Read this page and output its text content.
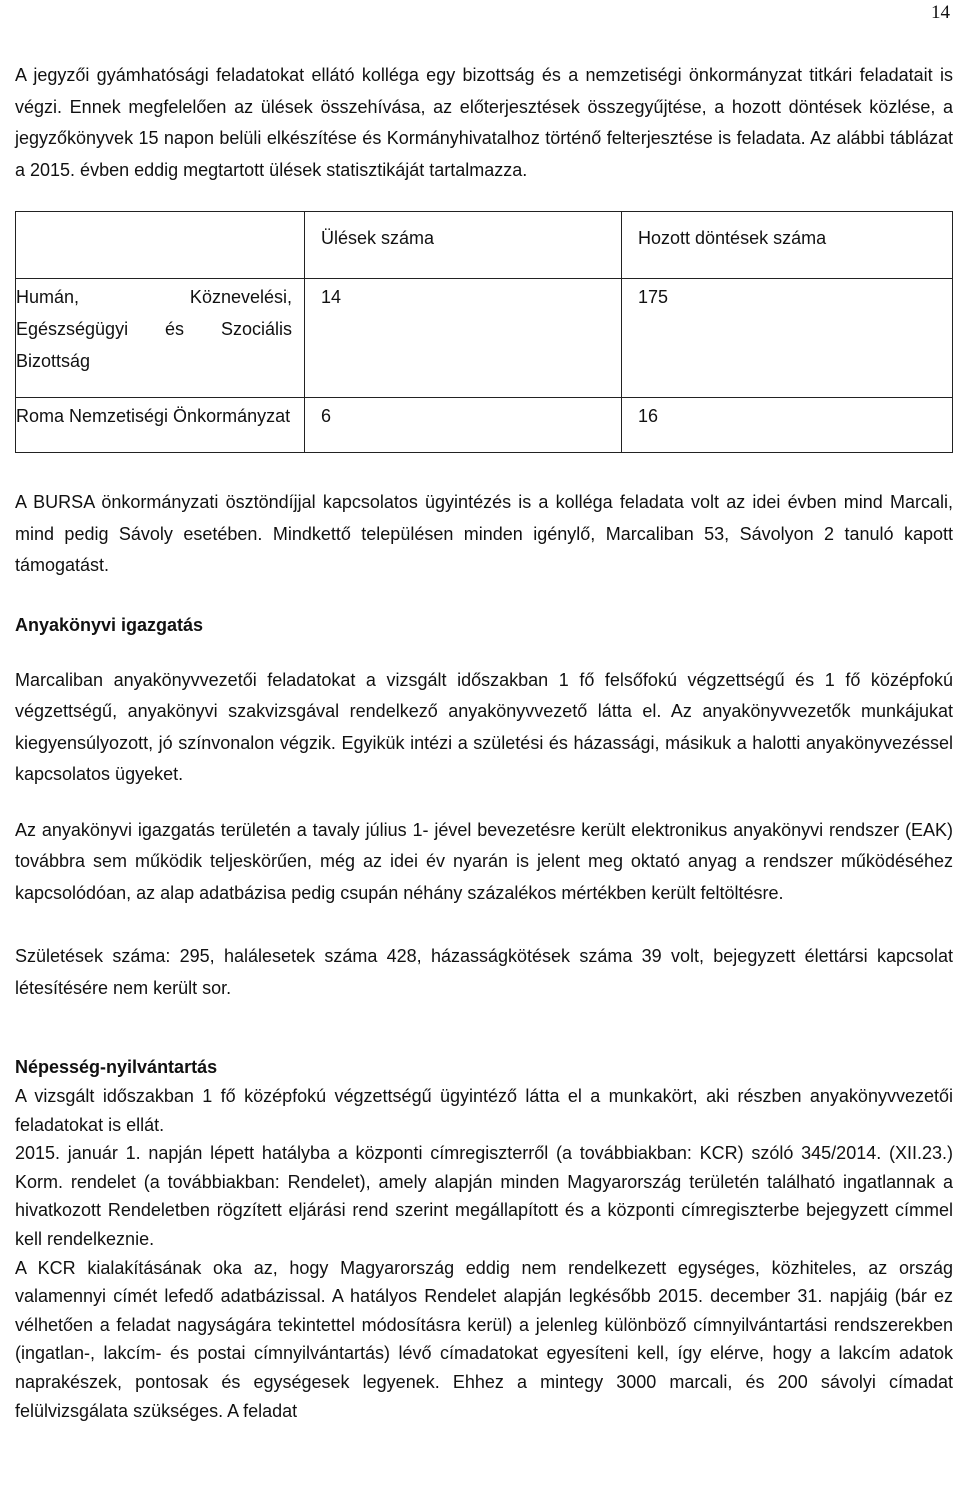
14

A jegyzői gyámhatósági feladatokat ellátó kolléga egy bizottság és a nemzetiségi önkormányzat titkári feladatait is végzi. Ennek megfelelően az ülések összehívása, az előterjesztések összegyűjtése, a hozott döntések közlése, a jegyzőkönyvek 15 napon belüli elkészítése és Kormányhivatalhoz történő felterjesztése is feladata. Az alábbi táblázat a 2015. évben eddig megtartott ülések statisztikáját tartalmazza.

	Ülések száma	Hozott döntések száma
Humán, Köznevelési, Egészségügyi és Szociális Bizottság	14	175
Roma Nemzetiségi Önkormányzat	6	16

A BURSA önkormányzati ösztöndíjjal kapcsolatos ügyintézés is a kolléga feladata volt az idei évben mind Marcali, mind pedig Sávoly esetében. Mindkettő településen minden igénylő, Marcaliban 53, Sávolyon 2 tanuló kapott támogatást.

Anyakönyvi igazgatás

Marcaliban anyakönyvvezetői feladatokat a vizsgált időszakban 1 fő felsőfokú végzettségű és 1 fő középfokú végzettségű, anyakönyvi szakvizsgával rendelkező anyakönyvvezető látta el. Az anyakönyvvezetők munkájukat kiegyensúlyozott, jó színvonalon végzik. Egyikük intézi a születési és házassági, másikuk a halotti anyakönyvezéssel kapcsolatos ügyeket.

Az anyakönyvi igazgatás területén a tavaly július 1- jével bevezetésre került elektronikus anyakönyvi rendszer (EAK) továbbra sem működik teljeskörűen, még az idei év nyarán is jelent meg oktató anyag a rendszer működéséhez kapcsolódóan, az alap adatbázisa pedig csupán néhány százalékos mértékben került feltöltésre.

Születések száma: 295, halálesetek száma 428, házasságkötések száma 39 volt, bejegyzett élettársi kapcsolat létesítésére nem került sor.

Népesség-nyilvántartás

A vizsgált időszakban 1 fő középfokú végzettségű ügyintéző látta el a munkakört, aki részben anyakönyvvezetői feladatokat is ellát.

2015. január 1. napján lépett hatályba a központi címregiszterről (a továbbiakban: KCR) szóló 345/2014. (XII.23.) Korm. rendelet (a továbbiakban: Rendelet), amely alapján minden Magyarország területén található ingatlannak a hivatkozott Rendeletben rögzített eljárási rend szerint megállapított és a központi címregiszterbe bejegyzett címmel kell rendelkeznie.

A KCR kialakításának oka az, hogy Magyarország eddig nem rendelkezett egységes, közhiteles, az ország valamennyi címét lefedő adatbázissal. A hatályos Rendelet alapján legkésőbb 2015. december 31. napjáig (bár ez vélhetően a feladat nagyságára tekintettel módosításra kerül) a jelenleg különböző címnyilvántartási rendszerekben (ingatlan-, lakcím- és postai címnyilvántartás) lévő címadatokat egyesíteni kell, így elérve, hogy a lakcím adatok naprakészek, pontosak és egységesek legyenek. Ehhez a mintegy 3000 marcali, és 200 sávolyi címadat felülvizsgálata szükséges. A feladat
